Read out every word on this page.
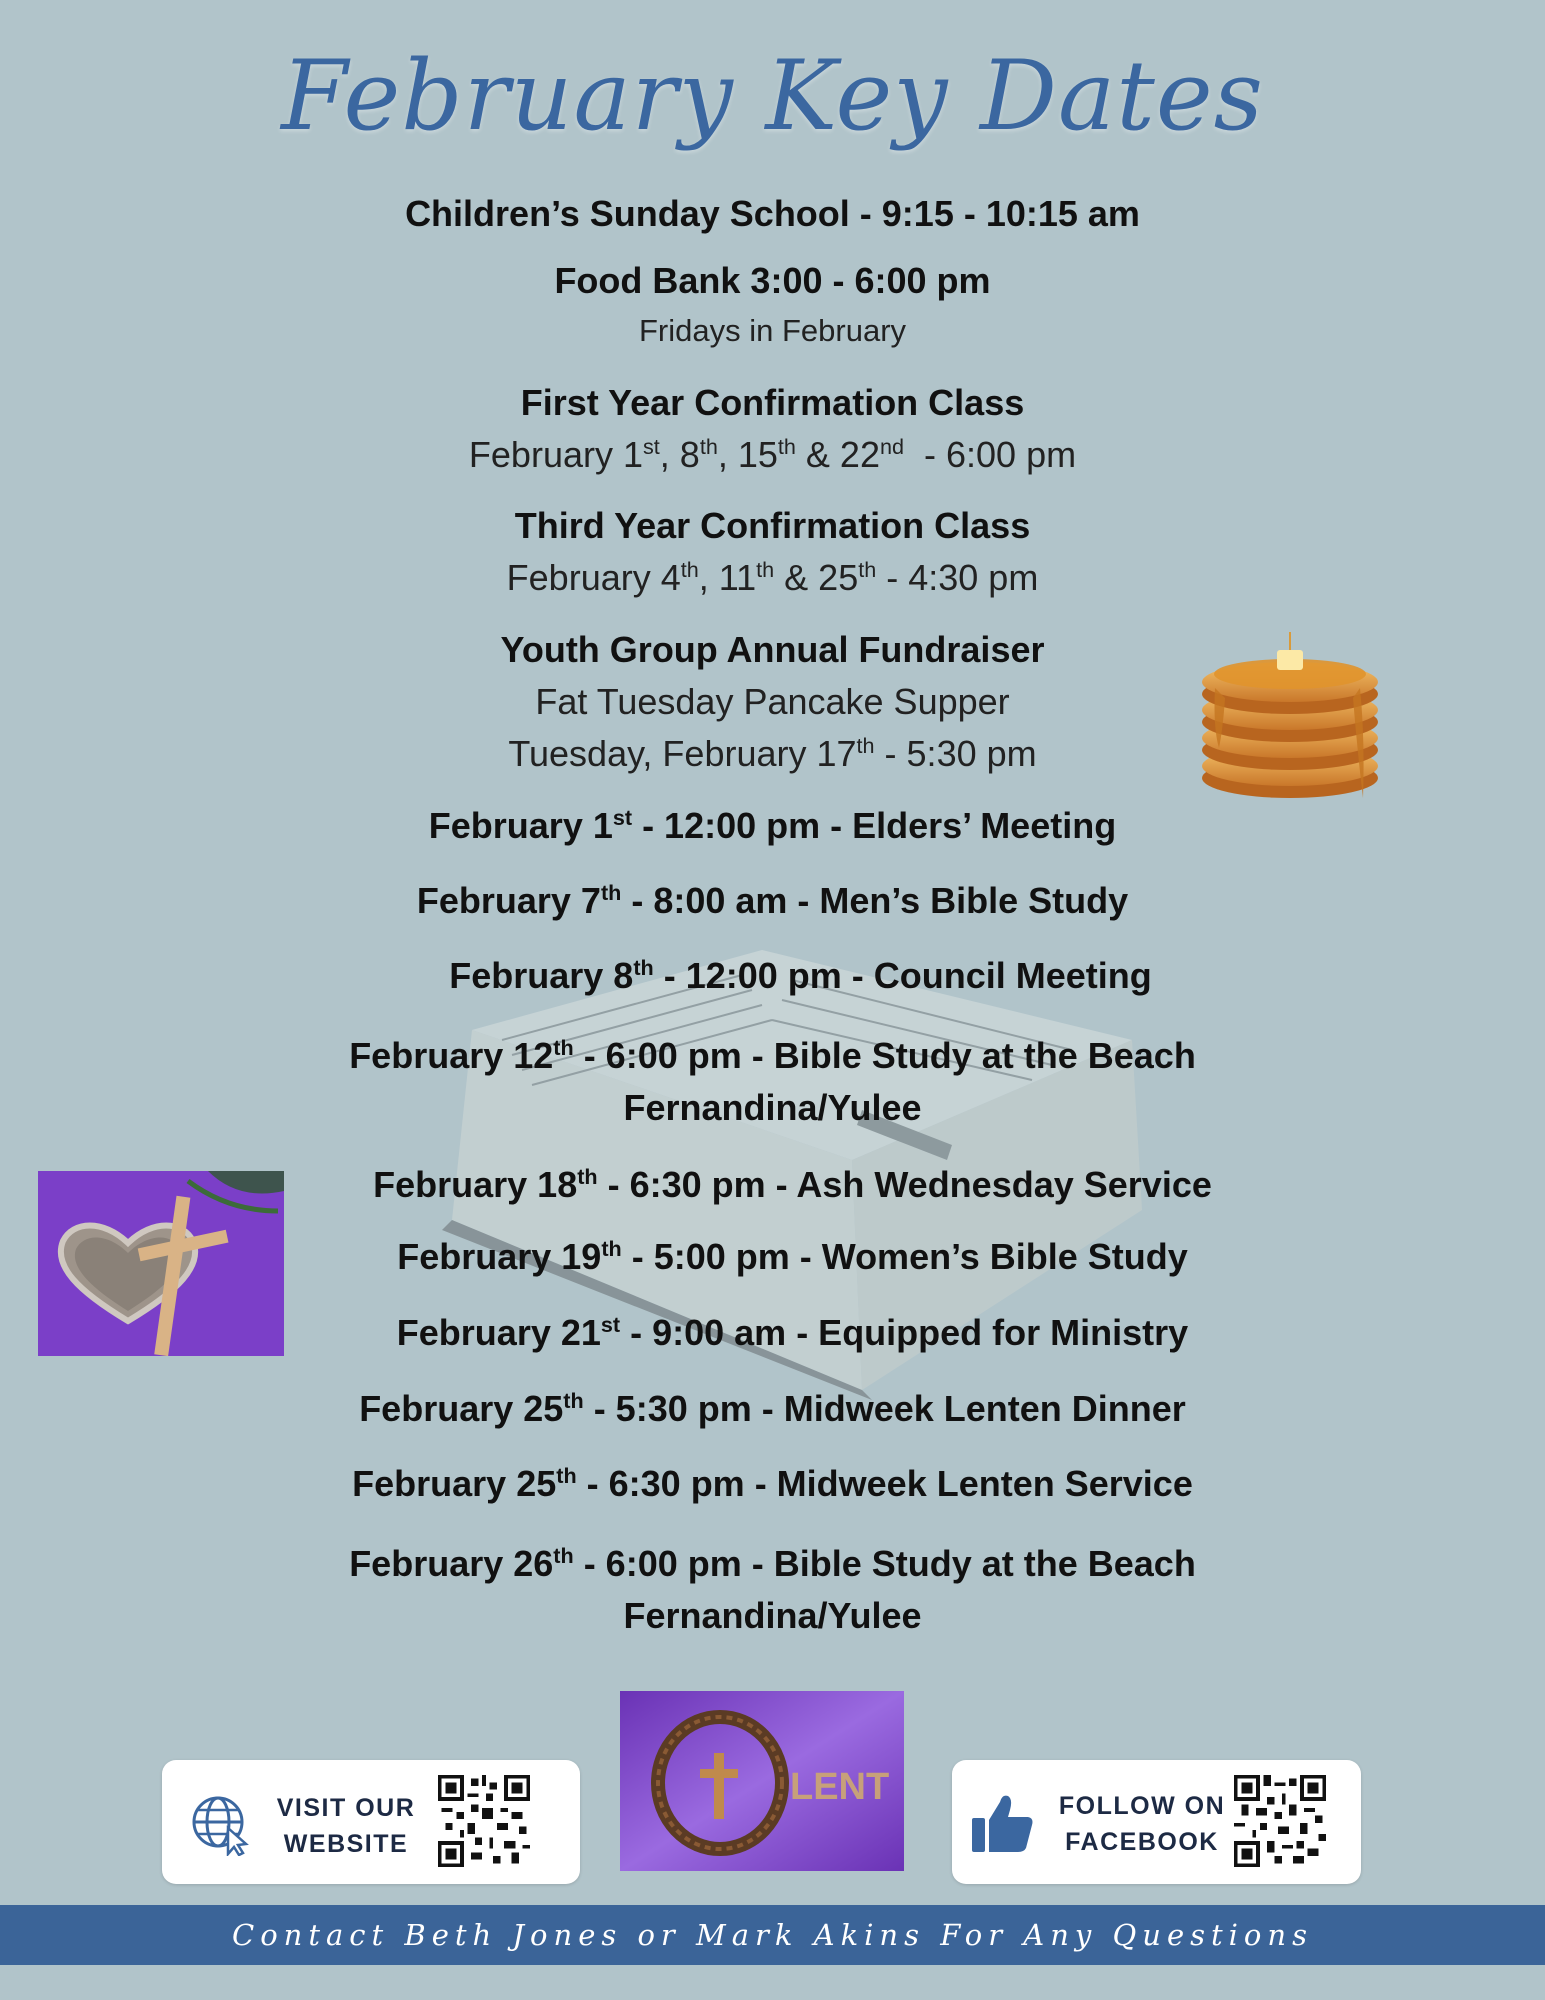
February Key Dates
Children’s Sunday School - 9:15 - 10:15 am
Food Bank 3:00 - 6:00 pm
Fridays in February
First Year Confirmation Class
February 1st, 8th, 15th & 22nd  - 6:00 pm
Third Year Confirmation Class
February 4th, 11th & 25th - 4:30 pm
Youth Group Annual Fundraiser
Fat Tuesday Pancake Supper
Tuesday, February 17th - 5:30 pm
February 1st - 12:00 pm - Elders’ Meeting
February 7th - 8:00 am - Men’s Bible Study
February 8th - 12:00 pm - Council Meeting
February 12th - 6:00 pm - Bible Study at the Beach
Fernandina/Yulee
February 18th - 6:30 pm - Ash Wednesday Service
February 19th - 5:00 pm - Women’s Bible Study
February 21st - 9:00 am - Equipped for Ministry
February 25th - 5:30 pm - Midweek Lenten Dinner
February 25th - 6:30 pm - Midweek Lenten Service
February 26th - 6:00 pm - Bible Study at the Beach
Fernandina/Yulee
LENT
VISIT OUR
WEBSITE
FOLLOW ON
FACEBOOK
Contact Beth Jones or Mark Akins For Any Questions
